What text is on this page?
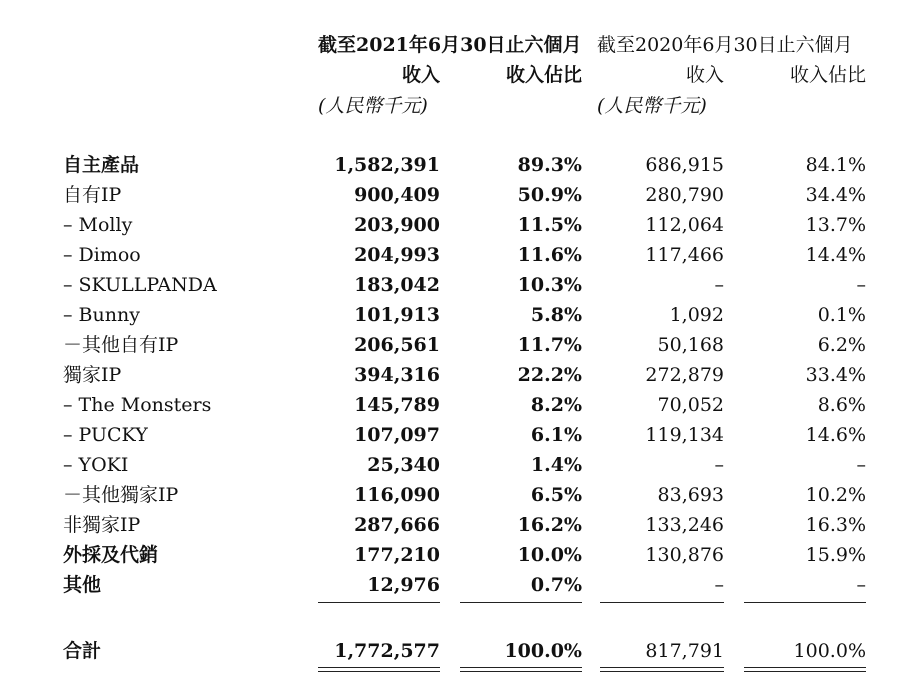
截至2021年6月30日止六個月 截至2020年6月30日止六個月
收入	收入佔比	收入	收入佔比
(人民幣千元)	(人民幣千元)
自主產品	1,582,391	89.3%	686,915	84.1%
自有IP	900,409	50.9%	280,790	34.4%
– Molly	203,900	11.5%	112,064	13.7%
– Dimoo	204,993	11.6%	117,466	14.4%
– SKULLPANDA	183,042	10.3%	–	–
– Bunny	101,913	5.8%	1,092	0.1%
－其他自有IP	206,561	11.7%	50,168	6.2%
獨家IP	394,316	22.2%	272,879	33.4%
– The Monsters	145,789	8.2%	70,052	8.6%
– PUCKY	107,097	6.1%	119,134	14.6%
– YOKI	25,340	1.4%	–	–
－其他獨家IP	116,090	6.5%	83,693	10.2%
非獨家IP	287,666	16.2%	133,246	16.3%
外採及代銷	177,210	10.0%	130,876	15.9%
其他	12,976	0.7%	–	–
合計	1,772,577	100.0%	817,791	100.0%
